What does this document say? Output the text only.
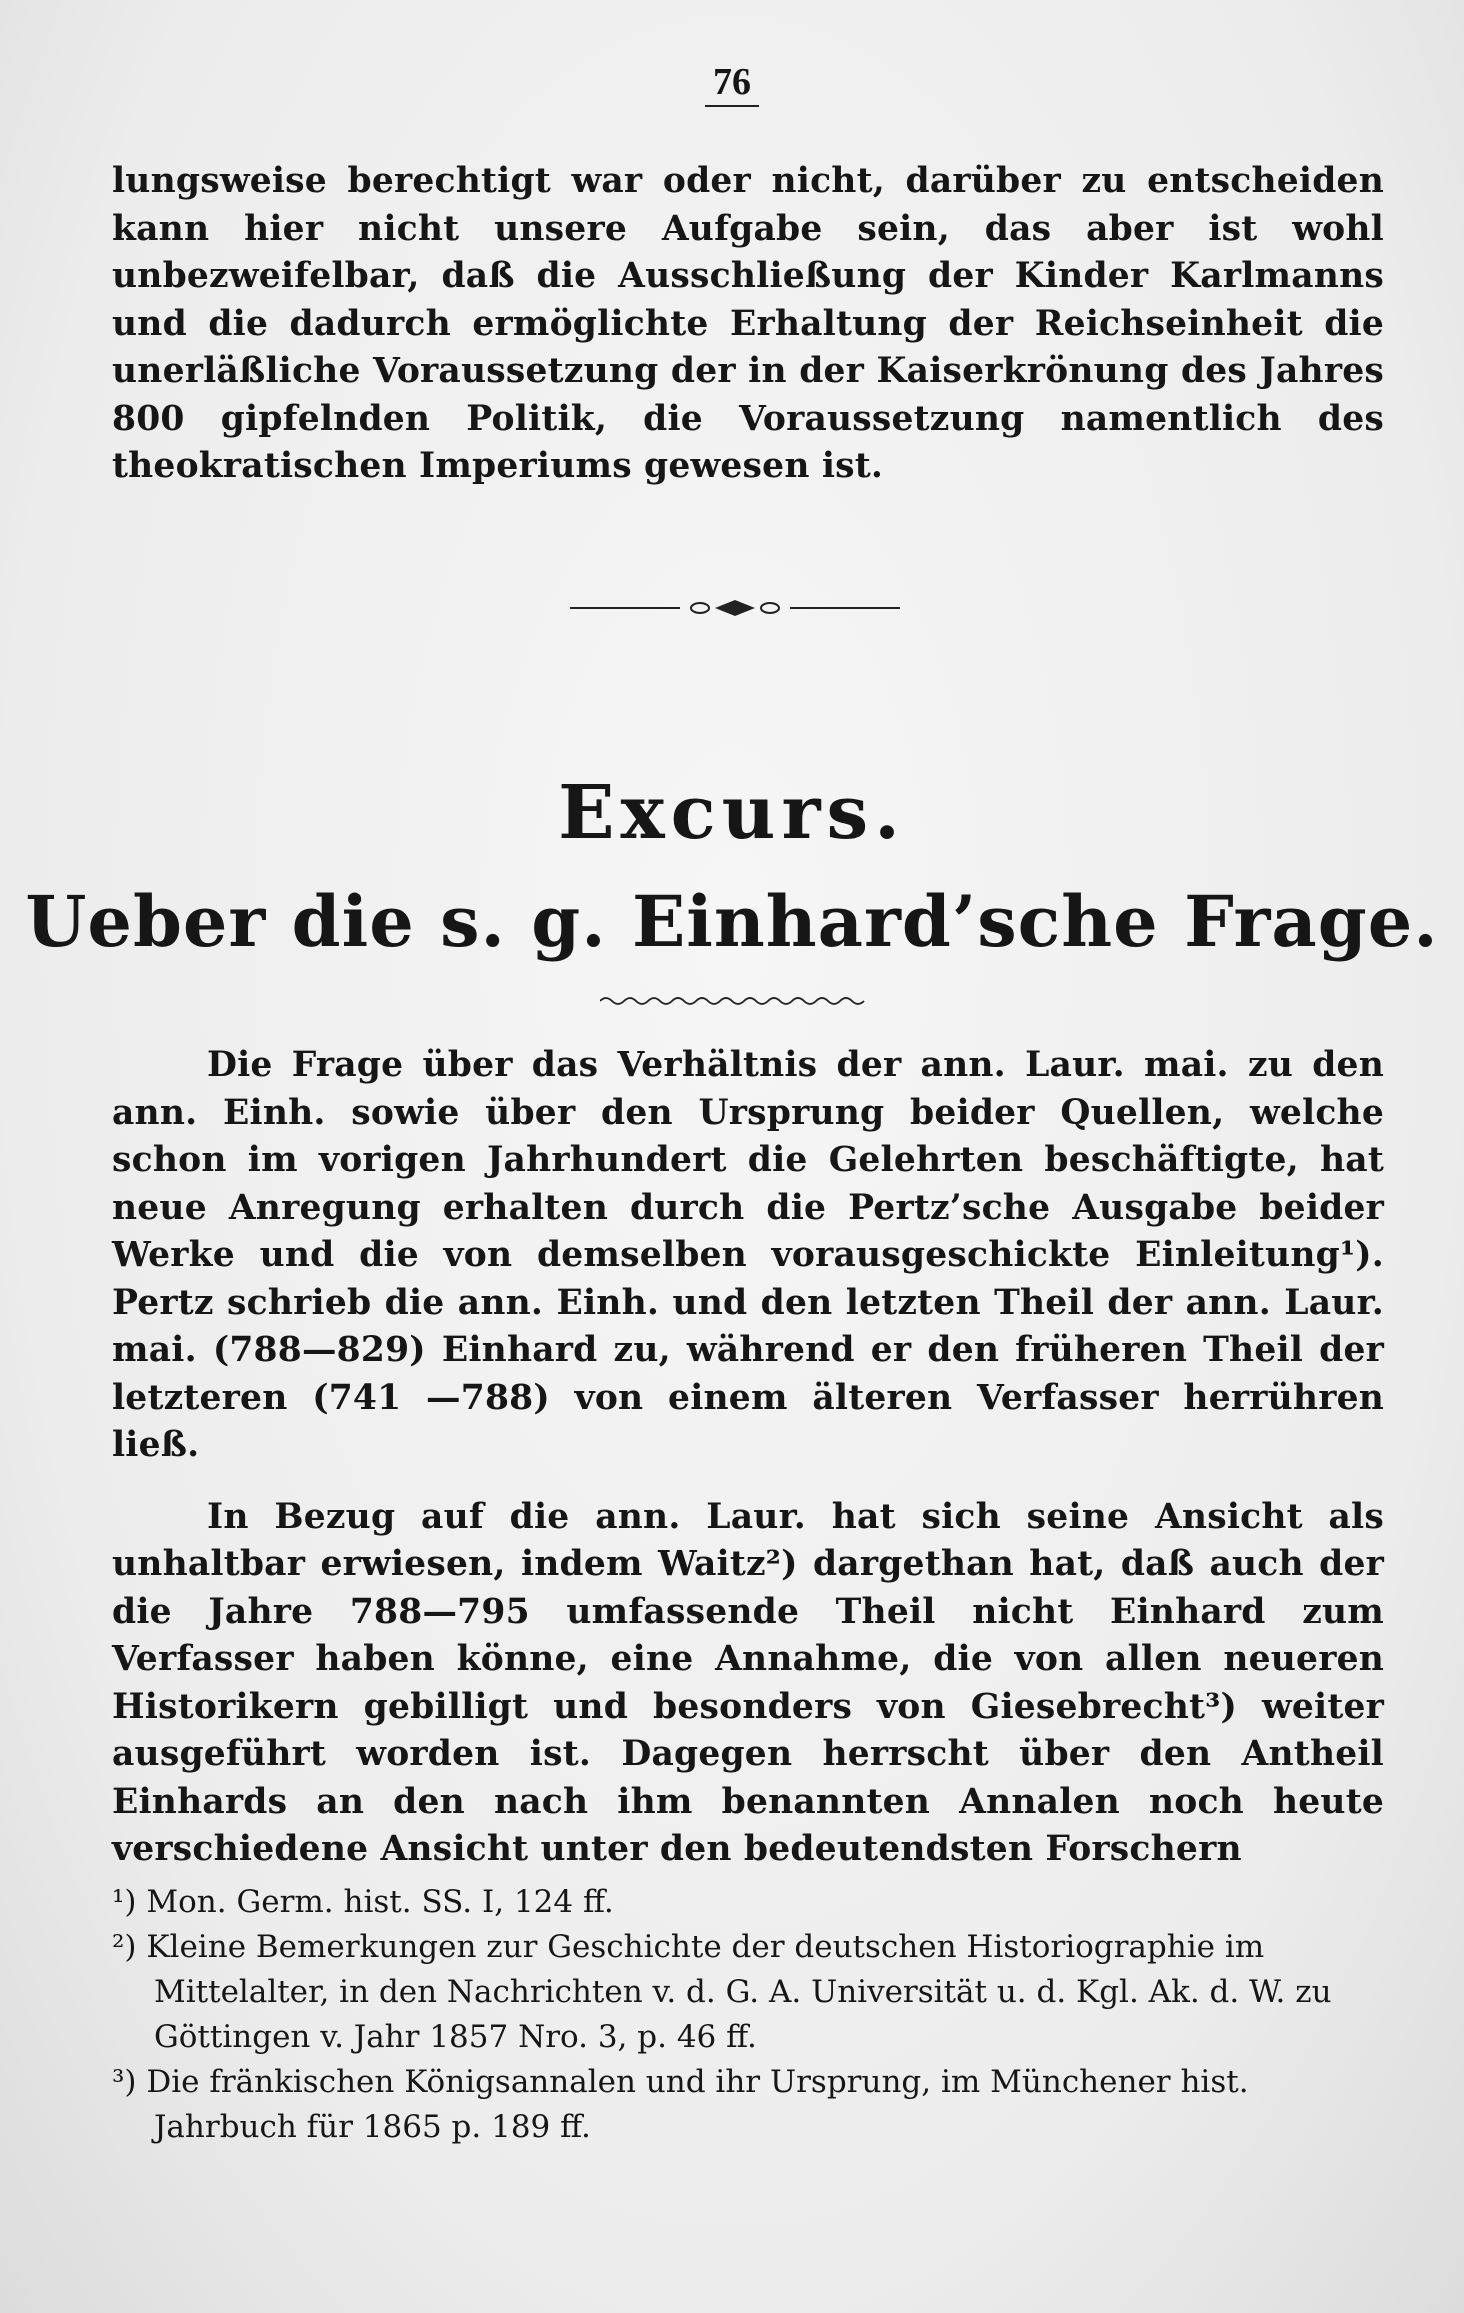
76

lungsweise berechtigt war oder nicht, darüber zu entscheiden kann hier nicht unsere Aufgabe sein, das aber ist wohl unbezweifelbar, daß die Ausschließung der Kinder Karlmanns und die dadurch ermöglichte Erhaltung der Reichseinheit die unerläßliche Voraussetzung der in der Kaiserkrönung des Jahres 800 gipfelnden Politik, die Voraussetzung namentlich des theokratischen Imperiums gewesen ist.

Excurs.
Ueber die s. g. Einhard’sche Frage.

Die Frage über das Verhältnis der ann. Laur. mai. zu den ann. Einh. sowie über den Ursprung beider Quellen, welche schon im vorigen Jahrhundert die Gelehrten beschäftigte, hat neue Anregung erhalten durch die Pertz’sche Ausgabe beider Werke und die von demselben vorausgeschickte Einleitung¹). Pertz schrieb die ann. Einh. und den letzten Theil der ann. Laur. mai. (788—829) Einhard zu, während er den früheren Theil der letzteren (741 —788) von einem älteren Verfasser herrühren ließ.

In Bezug auf die ann. Laur. hat sich seine Ansicht als unhaltbar erwiesen, indem Waitz²) dargethan hat, daß auch der die Jahre 788—795 umfassende Theil nicht Einhard zum Verfasser haben könne, eine Annahme, die von allen neueren Historikern gebilligt und besonders von Giesebrecht³) weiter ausgeführt worden ist. Dagegen herrscht über den Antheil Einhards an den nach ihm benannten Annalen noch heute verschiedene Ansicht unter den bedeutendsten Forschern

¹) Mon. Germ. hist. SS. I, 124 ff.

²) Kleine Bemerkungen zur Geschichte der deutschen Historiographie im Mittelalter, in den Nachrichten v. d. G. A. Universität u. d. Kgl. Ak. d. W. zu Göttingen v. Jahr 1857 Nro. 3, p. 46 ff.

³) Die fränkischen Königsannalen und ihr Ursprung, im Münchener hist. Jahrbuch für 1865 p. 189 ff.
